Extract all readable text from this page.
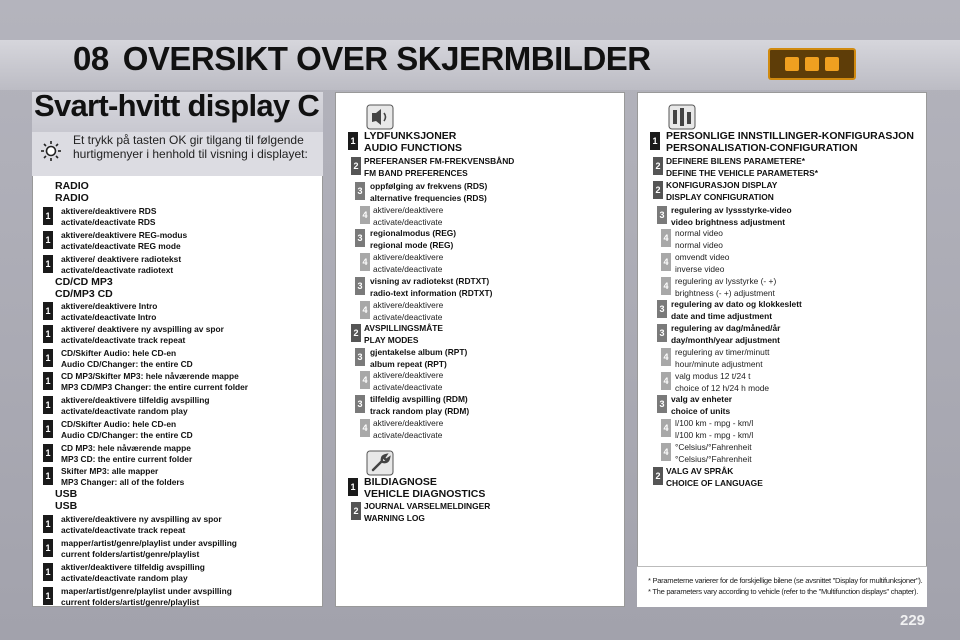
08 OVERSIKT OVER SKJERMBILDER
Svart-hvitt display C
Et trykk på tasten OK gir tilgang til følgende hurtigmenyer i henhold til visning i displayet:
RADIO
RADIO
aktivere/deaktivere RDS
1
activate/deactivate RDS
aktivere/deaktivere REG-modus
1
activate/deactivate REG mode
aktivere/ deaktivere radiotekst
1
activate/deactivate radiotext
CD/CD MP3
CD/MP3 CD
aktivere/deaktivere Intro
1
activate/deactivate Intro
aktivere/ deaktivere ny avspilling av spor
1
activate/deactivate track repeat
CD/Skifter Audio: hele CD-en
1
Audio CD/Changer: the entire CD
CD MP3/Skifter MP3: hele nåværende mappe
1
MP3 CD/MP3 Changer: the entire current folder
aktivere/deaktivere tilfeldig avspilling
1
activate/deactivate random play
CD/Skifter Audio: hele CD-en
1
Audio CD/Changer: the entire CD
CD MP3: hele nåværende mappe
1
MP3 CD: the entire current folder
Skifter MP3: alle mapper
1
MP3 Changer: all of the folders
USB
USB
aktivere/deaktivere ny avspilling av spor
1
activate/deactivate track repeat
mapper/artist/genre/playlist under avspilling
1
current folders/artist/genre/playlist
aktiver/deaktivere tilfeldig avspilling
1
activate/deactivate random play
maper/artist/genre/playlist under avspilling
1
current folders/artist/genre/playlist
LYDFUNKSJONER
1
AUDIO FUNCTIONS
PREFERANSER FM-FREKVENSBÅND
2
FM BAND PREFERENCES
oppfølging av frekvens (RDS)
3
alternative frequencies (RDS)
aktivere/deaktivere
4
activate/deactivate
regionalmodus (REG)
3
regional mode (REG)
aktivere/deaktivere
4
activate/deactivate
visning av radiotekst (RDTXT)
3
radio-text information (RDTXT)
aktivere/deaktivere
4
activate/deactivate
AVSPILLINGSMÅTE
2
PLAY MODES
gjentakelse album (RPT)
3
album repeat (RPT)
aktivere/deaktivere
4
activate/deactivate
tilfeldig avspilling (RDM)
3
track random play (RDM)
aktivere/deaktivere
4
activate/deactivate
BILDIAGNOSE
1
VEHICLE DIAGNOSTICS
JOURNAL VARSELMELDINGER
2
WARNING LOG
PERSONLIGE INNSTILLINGER-KONFIGURASJON
1
PERSONALISATION-CONFIGURATION
DEFINERE BILENS PARAMETERE*
2
DEFINE THE VEHICLE PARAMETERS*
KONFIGURASJON DISPLAY
2
DISPLAY CONFIGURATION
regulering av lyssstyrke-video
3
video brightness adjustment
normal video
4
normal video
omvendt video
4
inverse video
regulering av lysstyrke (- +)
4
brightness (- +) adjustment
regulering av dato og klokkeslett
3
date and time adjustment
regulering av dag/måned/år
3
day/month/year adjustment
regulering av timer/minutt
4
hour/minute adjustment
valg modus 12 t/24 t
4
choice of 12 h/24 h mode
valg av enheter
3
choice of units
l/100 km - mpg - km/l
4
l/100 km - mpg - km/l
°Celsius/°Fahrenheit
4
°Celsius/°Fahrenheit
VALG AV SPRÅK
2
CHOICE OF LANGUAGE
* Parameterne varierer for de forskjellige bilene (se avsnittet "Display for multifunksjoner").
* The parameters vary according to vehicle (refer to the "Multifunction displays" chapter).
229
